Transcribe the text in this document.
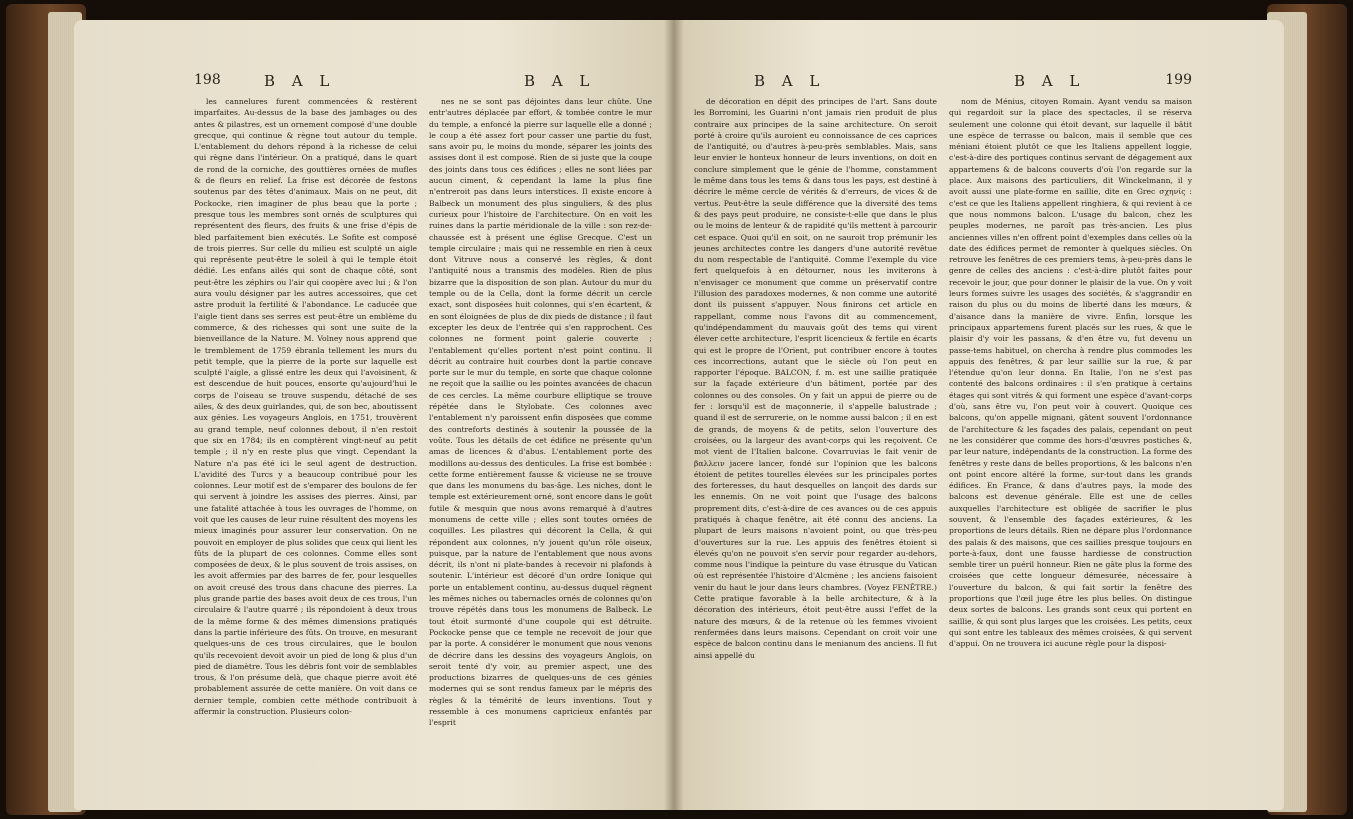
198	B A L	B A L

les cannelures furent commencées & restèrent imparfaites. Au-dessus de la base des jambages ou des antes & pilastres, est un ornement composé d'une double grecque, qui continue & règne tout autour du temple. L'entablement du dehors répond à la richesse de celui qui règne dans l'intérieur. On a pratiqué, dans le quart de rond de la corniche, des gouttières ornées de mufles & de fleurs en relief. La frise est décorée de festons soutenus par des têtes d'animaux. Mais on ne peut, dit Pockocke, rien imaginer de plus beau que la porte ; presque tous les membres sont ornés de sculptures qui représentent des fleurs, des fruits & une frise d'épis de bled parfaitement bien exécutés. Le Sofite est composé de trois pierres. Sur celle du milieu est sculpté un aigle qui représente peut-être le soleil à qui le temple étoit dédié. Les enfans ailés qui sont de chaque côté, sont peut-être les zéphirs ou l'air qui coopère avec lui ; & l'on aura voulu désigner par les autres accessoires, que cet astre produit la fertilité & l'abondance. Le caducée que l'aigle tient dans ses serres est peut-être un emblème du commerce, & des richesses qui sont une suite de la bienveillance de la Nature. M. Volney nous apprend que le tremblement de 1759 ébranla tellement les murs du petit temple, que la pierre de la porte sur laquelle est sculpté l'aigle, a glissé entre les deux qui l'avoisinent, & est descendue de huit pouces, ensorte qu'aujourd'hui le corps de l'oiseau se trouve suspendu, détaché de ses ailes, & des deux guirlandes, qui, de son bec, aboutissent aux génies. Les voyageurs Anglois, en 1751, trouvèrent au grand temple, neuf colonnes debout, il n'en restoit que six en 1784; ils en comptèrent vingt-neuf au petit temple ; il n'y en reste plus que vingt. Cependant la Nature n'a pas été ici le seul agent de destruction. L'avidité des Turcs y a beaucoup contribué pour les colonnes. Leur motif est de s'emparer des boulons de fer qui servent à joindre les assises des pierres. Ainsi, par une fatalité attachée à tous les ouvrages de l'homme, on voit que les causes de leur ruine résultent des moyens les mieux imaginés pour assurer leur conservation. On ne pouvoit en employer de plus solides que ceux qui lient les fûts de la plupart de ces colonnes. Comme elles sont composées de deux, & le plus souvent de trois assises, on les avoit affermies par des barres de fer, pour lesquelles on avoit creusé des trous dans chacune des pierres. La plus grande partie des bases avoit deux de ces trous, l'un circulaire & l'autre quarré ; ils répondoient à deux trous de la même forme & des mêmes dimensions pratiqués dans la partie inférieure des fûts. On trouve, en mesurant quelques-uns de ces trous circulaires, que le boulon qu'ils recevoient devoit avoir un pied de long & plus d'un pied de diamètre. Tous les débris font voir de semblables trous, & l'on présume delà, que chaque pierre avoit été probablement assurée de cette manière. On voit dans ce dernier temple, combien cette méthode contribuoit à affermir la construction. Plusieurs colon-

nes ne se sont pas déjointes dans leur chûte. Une entr'autres déplacée par effort, & tombée contre le mur du temple, a enfoncé la pierre sur laquelle elle a donné ; le coup a été assez fort pour casser une partie du fust, sans avoir pu, le moins du monde, séparer les joints des assises dont il est composé. Rien de si juste que la coupe des joints dans tous ces édifices ; elles ne sont liées par aucun ciment, & cependant la lame la plus fine n'entreroit pas dans leurs interstices. Il existe encore à Balbeck un monument des plus singuliers, & des plus curieux pour l'histoire de l'architecture. On en voit les ruines dans la partie méridionale de la ville : son rez-de-chaussée est à présent une église Grecque. C'est un temple circulaire ; mais qui ne ressemble en rien à ceux dont Vitruve nous a conservé les règles, & dont l'antiquité nous a transmis des modèles. Rien de plus bizarre que la disposition de son plan. Autour du mur du temple ou de la Cella, dont la forme décrit un cercle exact, sont disposées huit colonnes, qui s'en écartent, & en sont éloignées de plus de dix pieds de distance ; il faut excepter les deux de l'entrée qui s'en rapprochent. Ces colonnes ne forment point galerie couverte ; l'entablement qu'elles portent n'est point continu. Il décrit au contraire huit courbes dont la partie concave porte sur le mur du temple, en sorte que chaque colonne ne reçoit que la saillie ou les pointes avancées de chacun de ces cercles. La même courbure elliptique se trouve répétée dans le Stylobate. Ces colonnes avec l'entablement n'y paroissent enfin disposées que comme des contreforts destinés à soutenir la poussée de la voûte. Tous les détails de cet édifice ne présente qu'un amas de licences & d'abus. L'entablement porte des modillons au-dessus des denticules. La frise est bombée : cette forme entièrement fausse & vicieuse ne se trouve que dans les monumens du bas-âge. Les niches, dont le temple est extérieurement orné, sont encore dans le goût futile & mesquin que nous avons remarqué à d'autres monumens de cette ville ; elles sont toutes ornées de coquilles. Les pilastres qui décorent la Cella, & qui répondent aux colonnes, n'y jouent qu'un rôle oiseux, puisque, par la nature de l'entablement que nous avons décrit, ils n'ont ni plate-bandes à recevoir ni plafonds à soutenir. L'intérieur est décoré d'un ordre Ionique qui porte un entablement continu, au-dessus duquel règnent les mêmes niches ou tabernacles ornés de colonnes qu'on trouve répétés dans tous les monumens de Balbeck. Le tout étoit surmonté d'une coupole qui est détruite. Pockocke pense que ce temple ne recevoit de jour que par la porte. A considérer le monument que nous venons de décrire dans les dessins des voyageurs Anglois, on seroit tenté d'y voir, au premier aspect, une des productions bizarres de quelques-uns de ces génies modernes qui se sont rendus fameux par le mépris des règles & la témérité de leurs inventions. Tout y ressemble à ces monumens capricieux enfantés par l'esprit

B A L	B A L	199

de décoration en dépit des principes de l'art. Sans doute les Borromini, les Guarini n'ont jamais rien produit de plus contraire aux principes de la saine architecture. On seroit porté à croire qu'ils auroient eu connoissance de ces caprices de l'antiquité, ou d'autres à-peu-près semblables. Mais, sans leur envier le honteux honneur de leurs inventions, on doit en conclure simplement que le génie de l'homme, constamment le même dans tous les tems & dans tous les pays, est destiné à décrire le même cercle de vérités & d'erreurs, de vices & de vertus. Peut-être la seule différence que la diversité des tems & des pays peut produire, ne consiste-t-elle que dans le plus ou le moins de lenteur & de rapidité qu'ils mettent à parcourir cet espace. Quoi qu'il en soit, on ne sauroit trop prémunir les jeunes architectes contre les dangers d'une autorité revêtue du nom respectable de l'antiquité. Comme l'exemple du vice fert quelquefois à en détourner, nous les inviterons à n'envisager ce monument que comme un préservatif contre l'illusion des paradoxes modernes, & non comme une autorité dont ils puissent s'appuyer. Nous finirons cet article en rappellant, comme nous l'avons dit au commencement, qu'indépendamment du mauvais goût des tems qui virent élever cette architecture, l'esprit licencieux & fertile en écarts qui est le propre de l'Orient, put contribuer encore à toutes ces incorrections, autant que le siècle où l'on peut en rapporter l'époque. BALCON, f. m. est une saillie pratiquée sur la façade extérieure d'un bâtiment, portée par des colonnes ou des consoles. On y fait un appui de pierre ou de fer : lorsqu'il est de maçonnerie, il s'appelle balustrade ; quand il est de serrurerie, on le nomme aussi balcon ; il en est de grands, de moyens & de petits, selon l'ouverture des croisées, ou la largeur des avant-corps qui les reçoivent. Ce mot vient de l'Italien balcone. Covarruvias le fait venir de βαλλειν jacere lancer, fondé sur l'opinion que les balcons étoient de petites tourelles élevées sur les principales portes des forteresses, du haut desquelles on lançoit des dards sur les ennemis. On ne voit point que l'usage des balcons proprement dits, c'est-à-dire de ces avances ou de ces appuis pratiqués à chaque fenêtre, ait été connu des anciens. La plupart de leurs maisons n'avoient point, ou que très-peu d'ouvertures sur la rue. Les appuis des fenêtres étoient si élevés qu'on ne pouvoit s'en servir pour regarder au-dehors, comme nous l'indique la peinture du vase étrusque du Vatican où est représentée l'histoire d'Alcmène ; les anciens faisoient venir du haut le jour dans leurs chambres. (Voyez FENÊTRE.) Cette pratique favorable à la belle architecture, & à la décoration des intérieurs, étoit peut-être aussi l'effet de la nature des mœurs, & de la retenue où les femmes vivoient renfermées dans leurs maisons. Cependant on croit voir une espèce de balcon continu dans le menianum des anciens. Il fut ainsi appellé du

nom de Ménius, citoyen Romain. Ayant vendu sa maison qui regardoit sur la place des spectacles, il se réserva seulement une colonne qui étoit devant, sur laquelle il bâtit une espèce de terrasse ou balcon, mais il semble que ces méniani étoient plutôt ce que les Italiens appellent loggie, c'est-à-dire des portiques continus servant de dégagement aux appartemens & de balcons couverts d'où l'on regarde sur la place. Aux maisons des particuliers, dit Winckelmann, il y avoit aussi une plate-forme en saillie, dite en Grec σχηνίς : c'est ce que les Italiens appellent ringhiera, & qui revient à ce que nous nommons balcon. L'usage du balcon, chez les peuples modernes, ne paroît pas très-ancien. Les plus anciennes villes n'en offrent point d'exemples dans celles où la date des édifices permet de remonter à quelques siècles. On retrouve les fenêtres de ces premiers tems, à-peu-près dans le genre de celles des anciens : c'est-à-dire plutôt faites pour recevoir le jour, que pour donner le plaisir de la vue. On y voit leurs formes suivre les usages des sociétés, & s'aggrandir en raison du plus ou du moins de liberté dans les mœurs, & d'aisance dans la manière de vivre. Enfin, lorsque les principaux appartemens furent placés sur les rues, & que le plaisir d'y voir les passans, & d'en être vu, fut devenu un passe-tems habituel, on chercha à rendre plus commodes les appuis des fenêtres, & par leur saillie sur la rue, & par l'étendue qu'on leur donna. En Italie, l'on ne s'est pas contenté des balcons ordinaires : il s'en pratique à certains étages qui sont vitrés & qui forment une espèce d'avant-corps d'où, sans être vu, l'on peut voir à couvert. Quoique ces balcons, qu'on appelle mignani, gâtent souvent l'ordonnance de l'architecture & les façades des palais, cependant on peut ne les considérer que comme des hors-d'œuvres postiches &, par leur nature, indépendants de la construction. La forme des fenêtres y reste dans de belles proportions, & les balcons n'en ont point encore altéré la forme, sur-tout dans les grands édifices. En France, & dans d'autres pays, la mode des balcons est devenue générale. Elle est une de celles auxquelles l'architecture est obligée de sacrifier le plus souvent, & l'ensemble des façades extérieures, & les proportions de leurs détails. Rien ne dépare plus l'ordonnance des palais & des maisons, que ces saillies presque toujours en porte-à-faux, dont une fausse hardiesse de construction semble tirer un puéril honneur. Rien ne gâte plus la forme des croisées que cette longueur démesurée, nécessaire à l'ouverture du balcon, & qui fait sortir la fenêtre des proportions que l'œil juge être les plus belles. On distingue deux sortes de balcons. Les grands sont ceux qui portent en saillie, & qui sont plus larges que les croisées. Les petits, ceux qui sont entre les tableaux des mêmes croisées, & qui servent d'appui. On ne trouvera ici aucune règle pour la disposi-
